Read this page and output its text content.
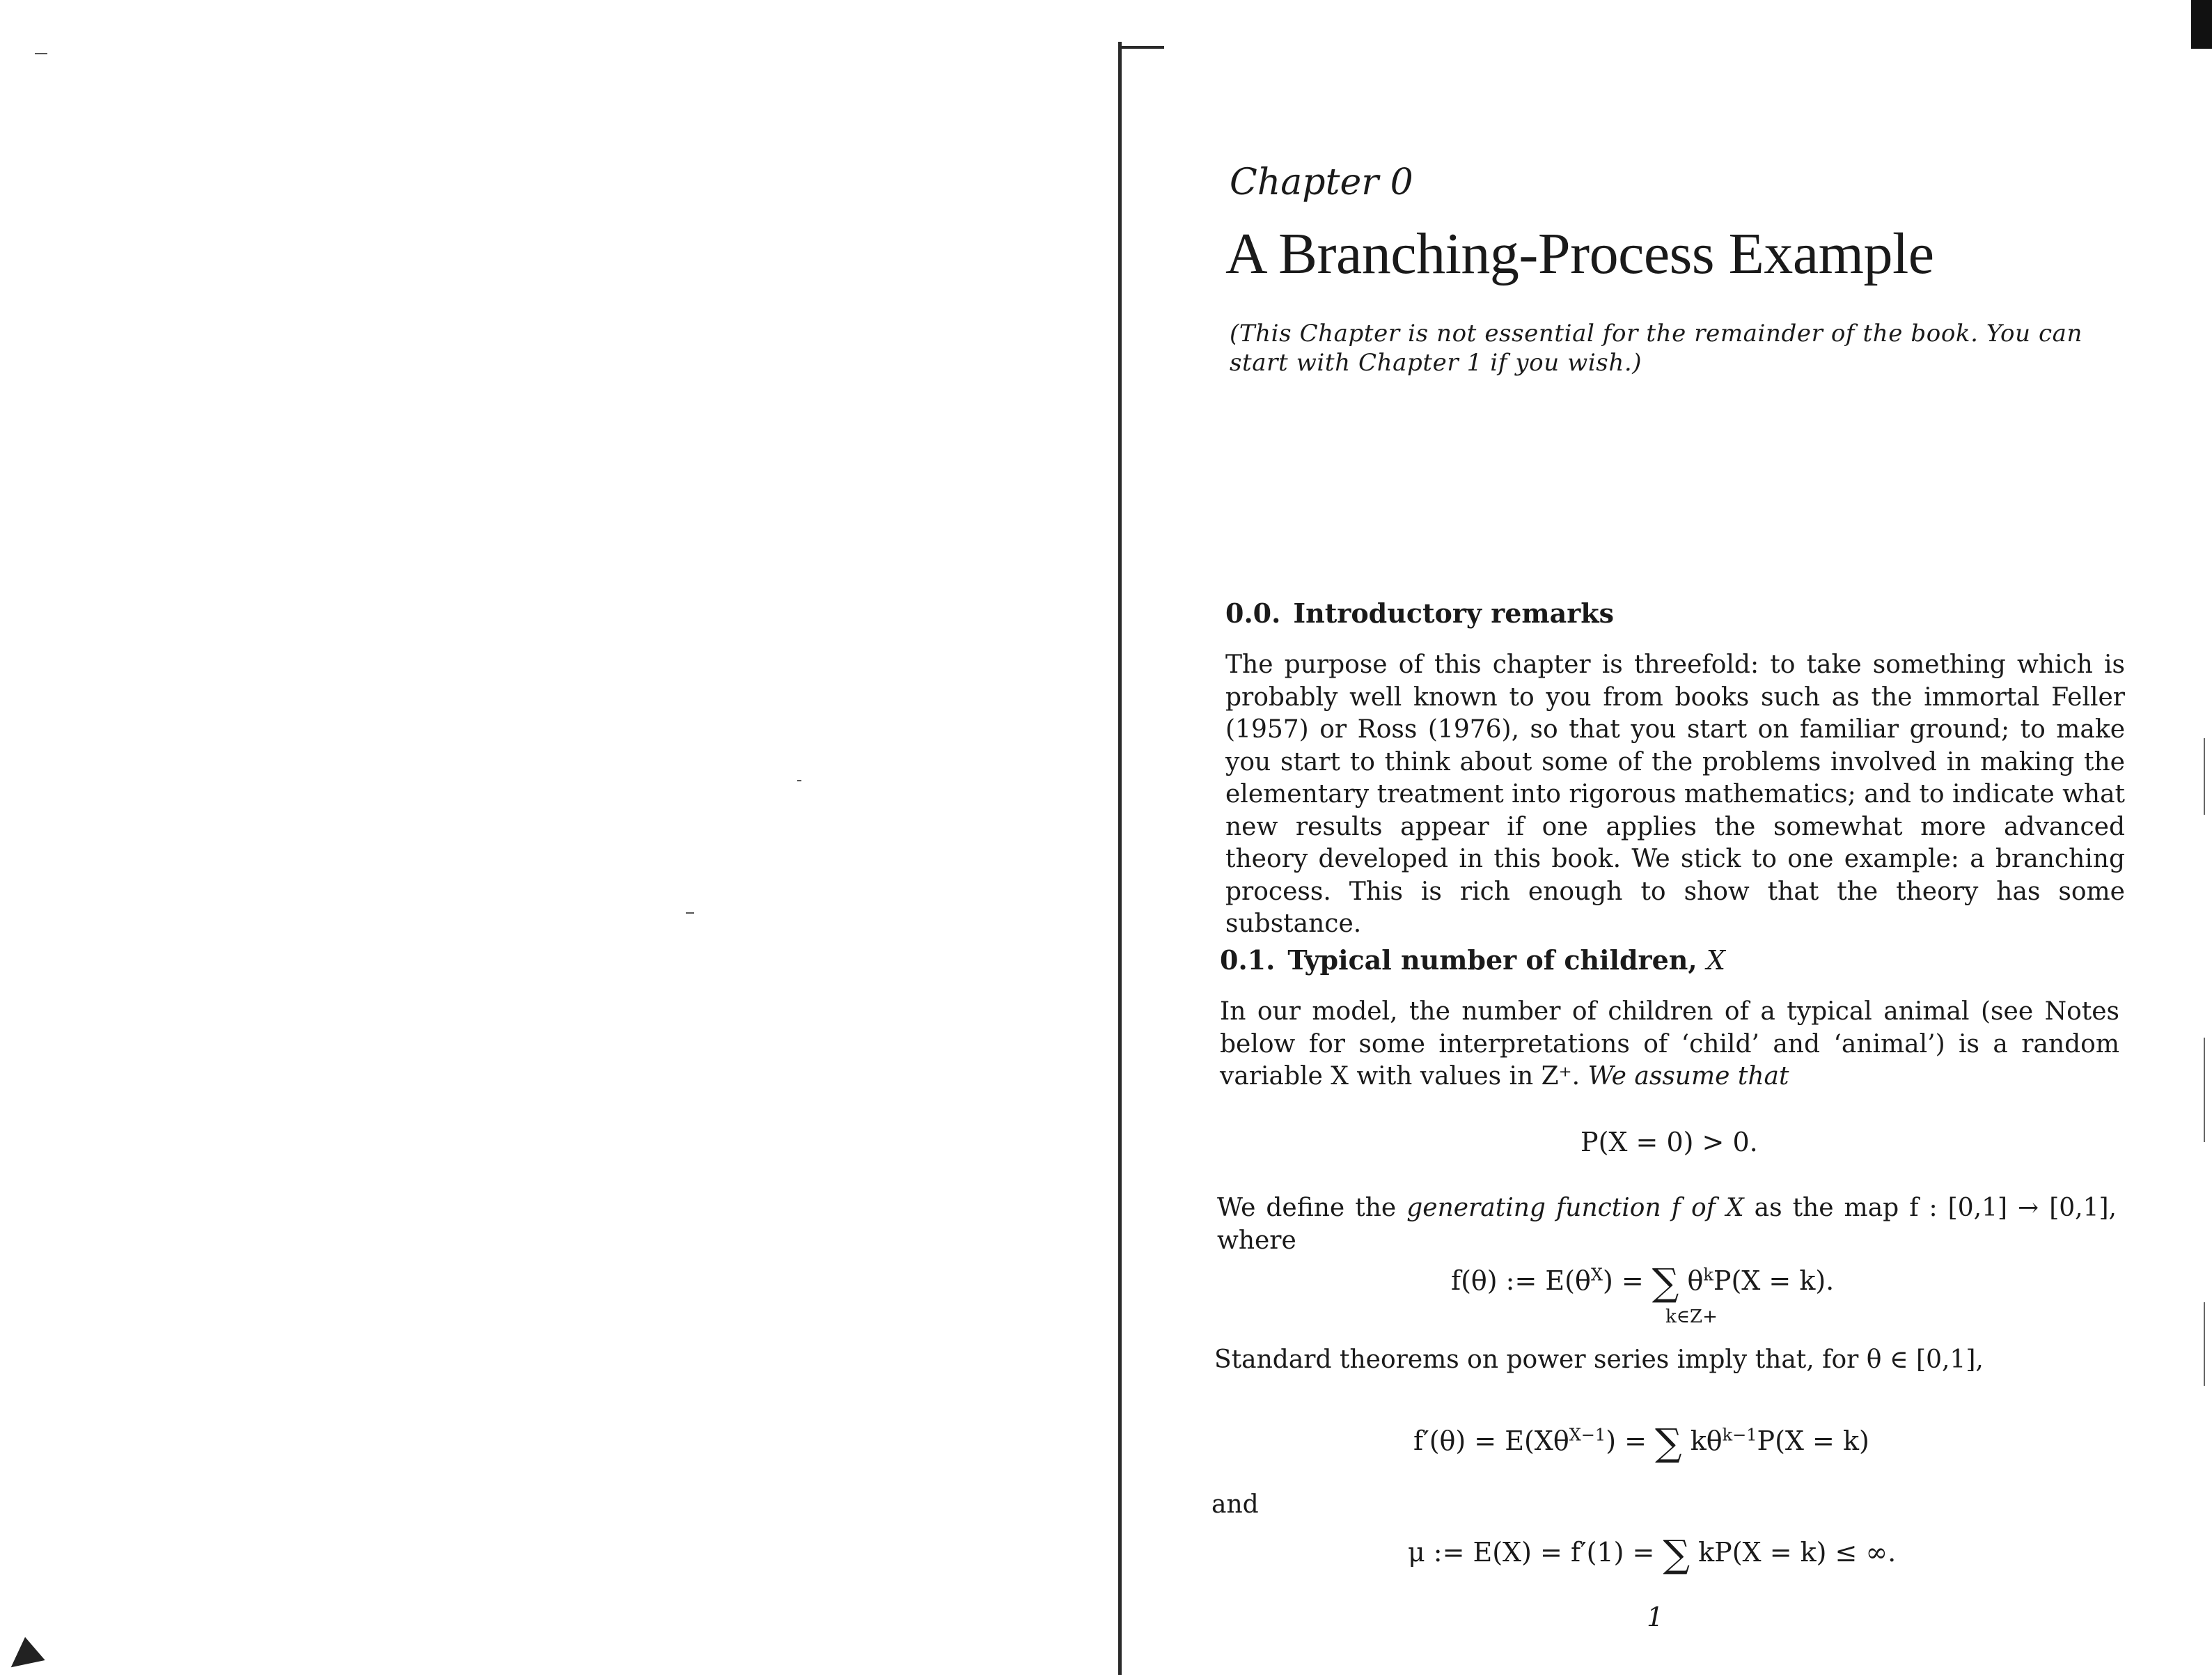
Chapter 0
A Branching-Process Example
(This Chapter is not essential for the remainder of the book. You can start with Chapter 1 if you wish.)
0.0. Introductory remarks
The purpose of this chapter is threefold: to take something which is probably well known to you from books such as the immortal Feller (1957) or Ross (1976), so that you start on familiar ground; to make you start to think about some of the problems involved in making the elementary treatment into rigorous mathematics; and to indicate what new results appear if one applies the somewhat more advanced theory developed in this book. We stick to one example: a branching process. This is rich enough to show that the theory has some substance.
0.1. Typical number of children, X
In our model, the number of children of a typical animal (see Notes below for some interpretations of ‘child’ and ‘animal’) is a random variable X with values in Z⁺. We assume that
P(X = 0) > 0.
We define the generating function f of X as the map f : [0,1] → [0,1], where
f(θ) := $E(\theta^X)$ = ∑ $\theta^kP(X = k)$.
k∈Z+
Standard theorems on power series imply that, for θ ∈ [0,1],
$f'(\theta) = E(X\theta^{X-1})$ = ∑ $k\theta^{k-1}P(X = k)$
and
μ := E(X) = f′(1) = ∑ kP(X = k) ≤ ∞.
1
